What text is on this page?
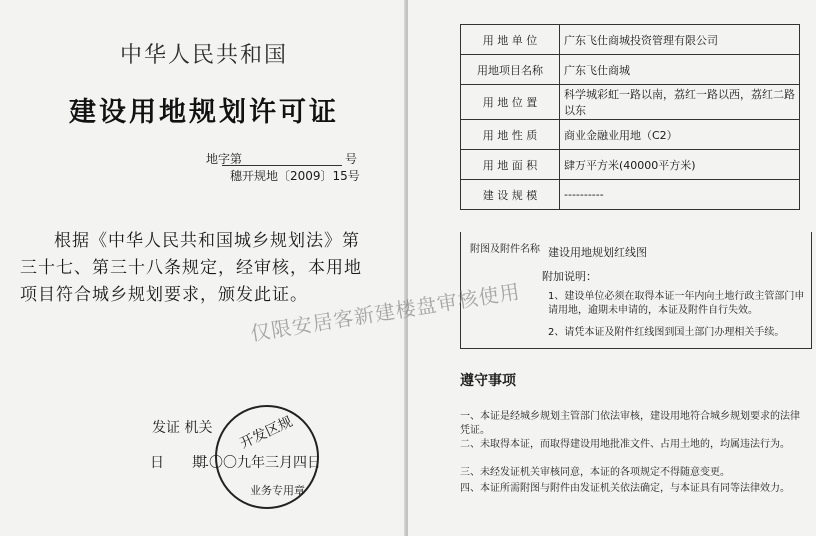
中华人民共和国
建设用地规划许可证
地字第	号
穗开规地〔2009〕15号
根据《中华人民共和国城乡规划法》第三十七、第三十八条规定，经审核，本用地项目符合城乡规划要求，颁发此证。
发证 机关
日　　期
二〇〇九年三月四日
开发区规
业务专用章
用 地 单 位	广东飞仕商城投资管理有限公司
用地项目名称	广东飞仕商城
用 地 位 置	科学城彩虹一路以南，荔红一路以西，荔红二路以东
用 地 性 质	商业金融业用地（C2）
用 地 面 积	肆万平方米(40000平方米)
建 设 规 模	----------
附图及附件名称 建设用地规划红线图
附加说明：
1、建设单位必须在取得本证一年内向土地行政主管部门申请用地，逾期未申请的，本证及附件自行失效。
2、请凭本证及附件红线图到国土部门办理相关手续。
遵守事项
一、本证是经城乡规划主管部门依法审核，建设用地符合城乡规划要求的法律凭证。
二、未取得本证，而取得建设用地批准文件、占用土地的，均属违法行为。
三、未经发证机关审核同意，本证的各项规定不得随意变更。
四、本证所需附图与附件由发证机关依法确定，与本证具有同等法律效力。
仅限安居客新建楼盘审核使用
